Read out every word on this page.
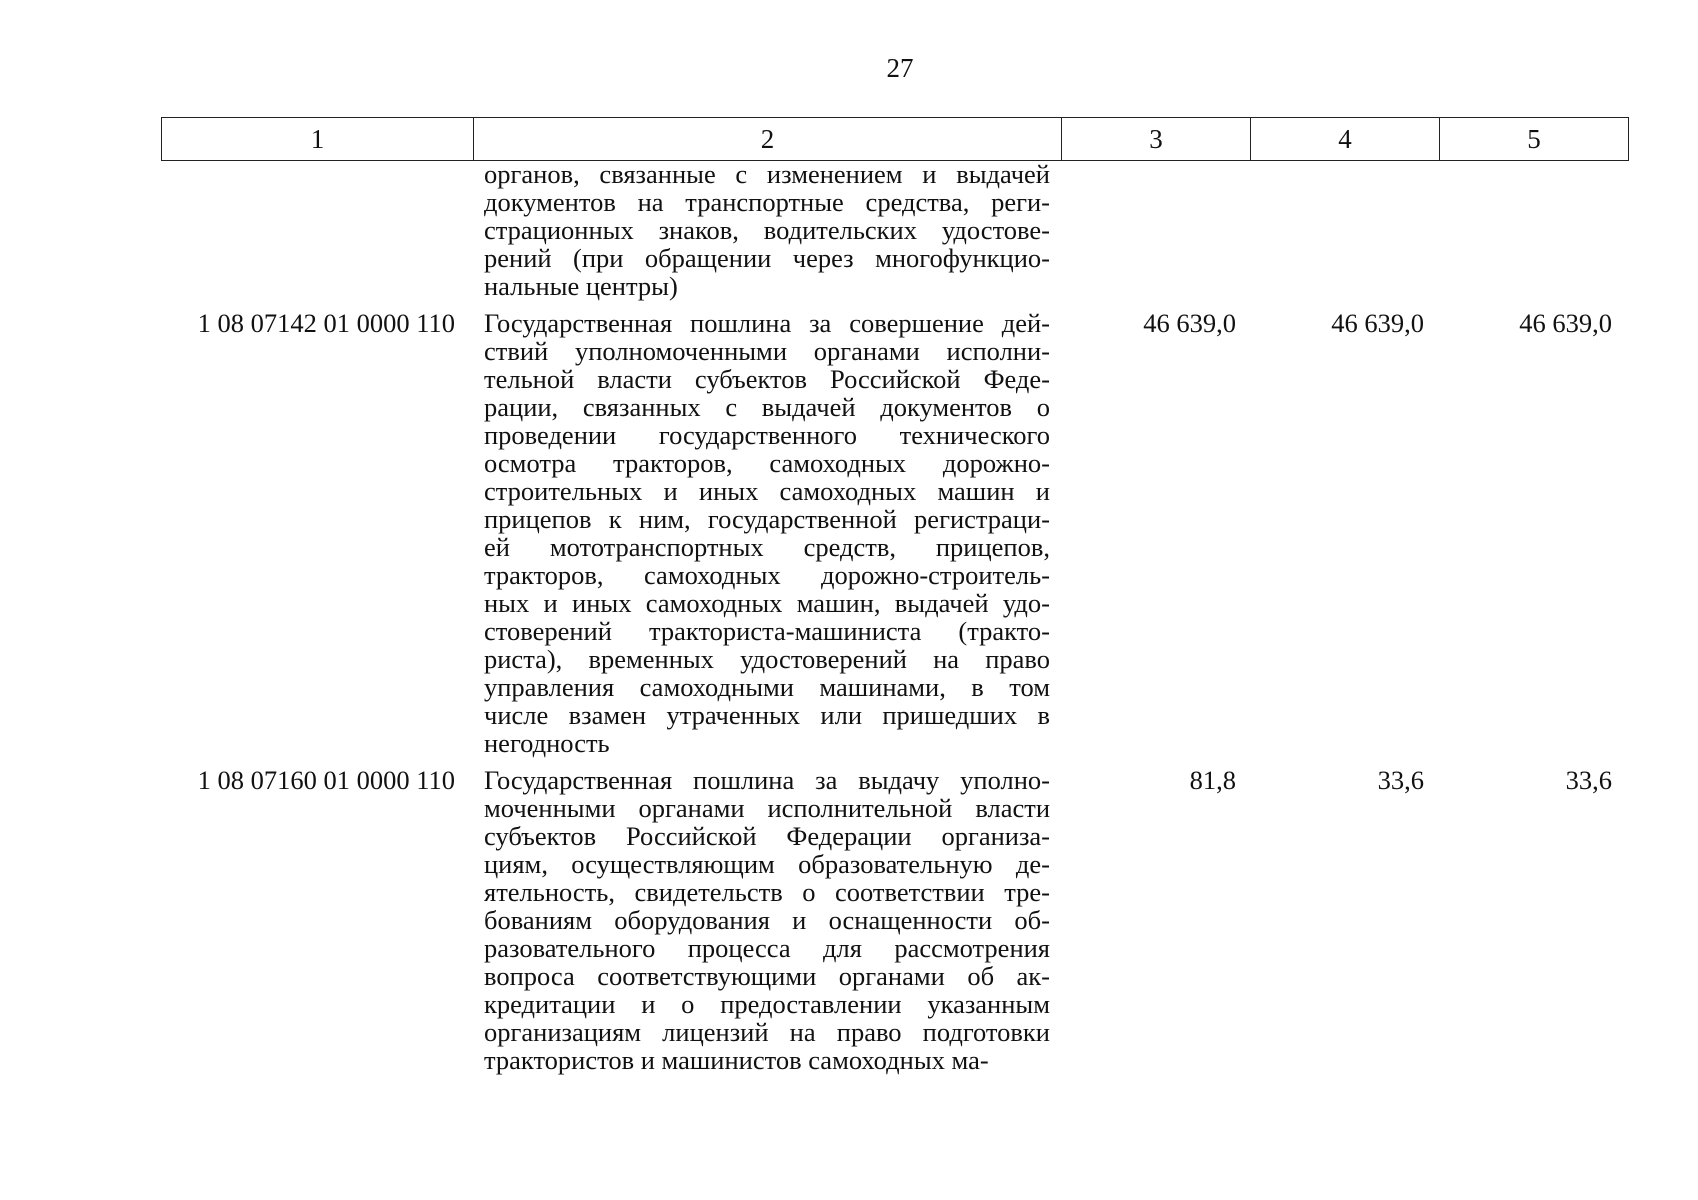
27
1	2	3	4	5
органов, связанные с изменением и выдачей
документов на транспортные средства, реги-
страционных знаков, водительских удостове-
рений (при обращении через многофункцио-
нальные центры)
1 08 07142 01 0000 110	Государственная пошлина за совершение дей-
ствий уполномоченными органами исполни-
тельной власти субъектов Российской Феде-
рации, связанных с выдачей документов о
проведении государственного технического
осмотра тракторов, самоходных дорожно-
строительных и иных самоходных машин и
прицепов к ним, государственной регистраци-
ей мототранспортных средств, прицепов,
тракторов, самоходных дорожно-строитель-
ных и иных самоходных машин, выдачей удо-
стоверений тракториста-машиниста (тракто-
риста), временных удостоверений на право
управления самоходными машинами, в том
числе взамен утраченных или пришедших в
негодность
46 639,0	46 639,0	46 639,0
1 08 07160 01 0000 110	Государственная пошлина за выдачу уполно-
моченными органами исполнительной власти
субъектов Российской Федерации организа-
циям, осуществляющим образовательную де-
ятельность, свидетельств о соответствии тре-
бованиям оборудования и оснащенности об-
разовательного процесса для рассмотрения
вопроса соответствующими органами об ак-
кредитации и о предоставлении указанным
организациям лицензий на право подготовки
трактористов и машинистов самоходных ма-
81,8	33,6	33,6
